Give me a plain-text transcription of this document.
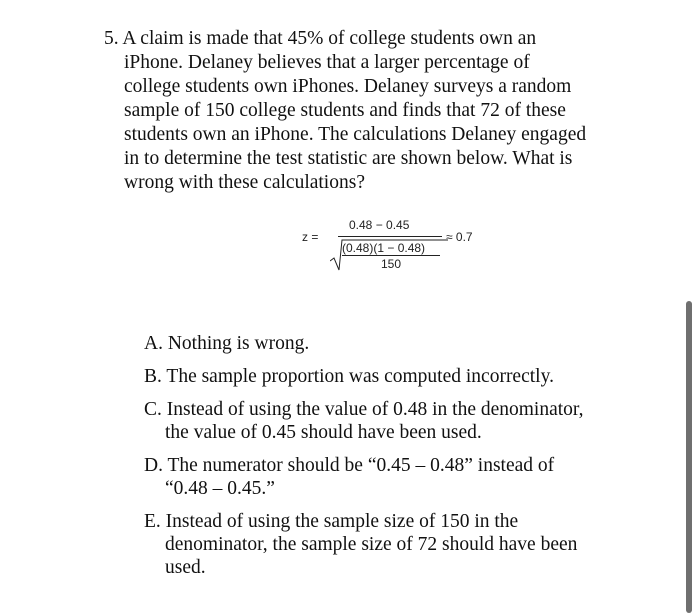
5. A claim is made that 45% of college students own an
iPhone. Delaney believes that a larger percentage of
college students own iPhones. Delaney surveys a random
sample of 150 college students and finds that 72 of these
students own an iPhone. The calculations Delaney engaged
in to determine the test statistic are shown below. What is
wrong with these calculations?
z =
0.48 − 0.45
(0.48)(1 − 0.48)
150
≈ 0.7
A. Nothing is wrong.
B. The sample proportion was computed incorrectly.
C. Instead of using the value of 0.48 in the denominator,
the value of 0.45 should have been used.
D. The numerator should be “0.45 – 0.48” instead of
“0.48 – 0.45.”
E. Instead of using the sample size of 150 in the
denominator, the sample size of 72 should have been
used.
